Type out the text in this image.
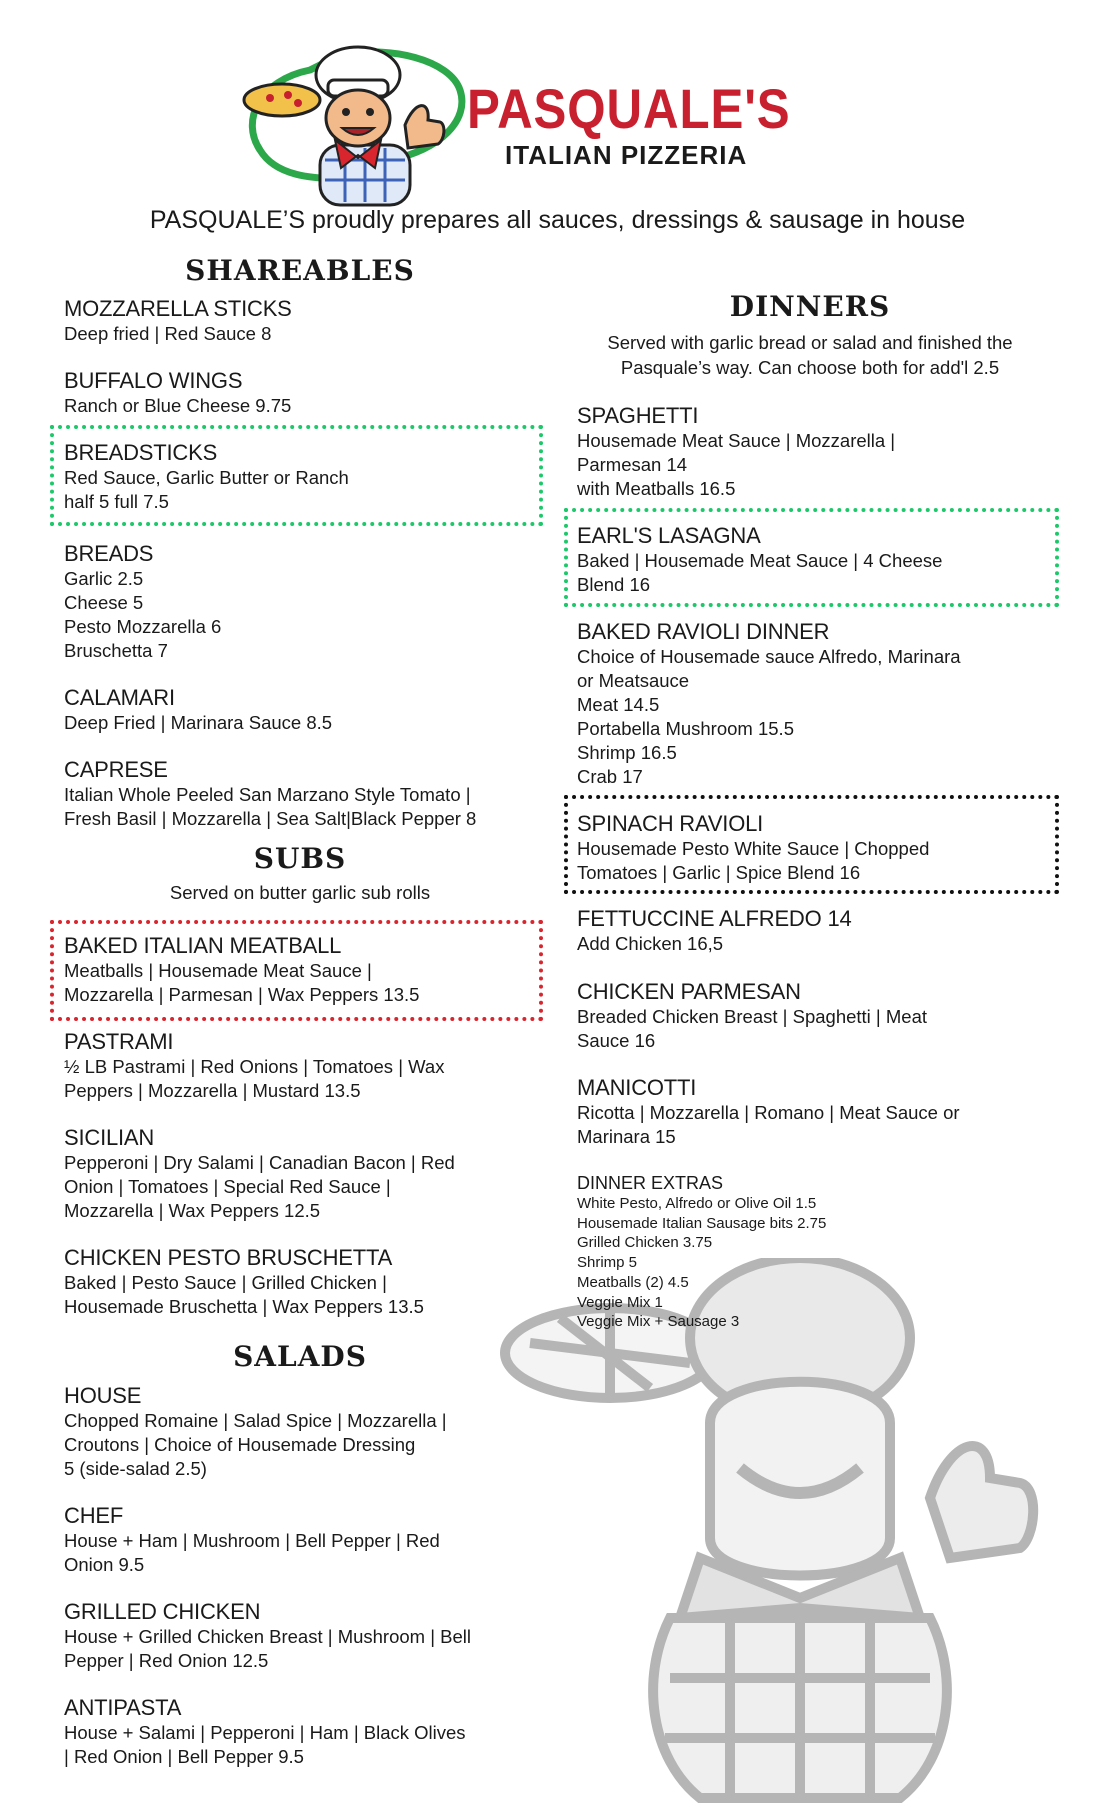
PASQUALE'S
ITALIAN PIZZERIA
PASQUALE’S proudly prepares all sauces, dressings & sausage in house
SHAREABLES
MOZZARELLA STICKS
Deep fried | Red Sauce 8
BUFFALO WINGS
Ranch or Blue Cheese 9.75
BREADSTICKS
Red Sauce, Garlic Butter or Ranch
half 5 full 7.5
BREADS
Garlic 2.5
Cheese 5
Pesto Mozzarella 6
Bruschetta 7
CALAMARI
Deep Fried | Marinara Sauce 8.5
CAPRESE
Italian Whole Peeled San Marzano Style Tomato |
Fresh Basil | Mozzarella | Sea Salt|Black Pepper 8
SUBS
Served on butter garlic sub rolls
BAKED ITALIAN MEATBALL
Meatballs | Housemade Meat Sauce |
Mozzarella | Parmesan | Wax Peppers 13.5
PASTRAMI
½ LB Pastrami | Red Onions | Tomatoes | Wax
Peppers | Mozzarella | Mustard 13.5
SICILIAN
Pepperoni | Dry Salami | Canadian Bacon | Red
Onion | Tomatoes | Special Red Sauce |
Mozzarella | Wax Peppers 12.5
CHICKEN PESTO BRUSCHETTA
Baked | Pesto Sauce | Grilled Chicken |
Housemade Bruschetta | Wax Peppers 13.5
SALADS
HOUSE
Chopped Romaine | Salad Spice | Mozzarella |
Croutons | Choice of Housemade Dressing
5 (side-salad 2.5)
CHEF
House + Ham | Mushroom | Bell Pepper | Red
Onion 9.5
GRILLED CHICKEN
House + Grilled Chicken Breast | Mushroom | Bell
Pepper | Red Onion 12.5
ANTIPASTA
House + Salami | Pepperoni | Ham | Black Olives
| Red Onion | Bell Pepper 9.5
DINNERS
Served with garlic bread or salad and finished the
Pasquale’s way. Can choose both for add'l 2.5
SPAGHETTI
Housemade Meat Sauce | Mozzarella |
Parmesan 14
with Meatballs 16.5
EARL'S LASAGNA
Baked | Housemade Meat Sauce | 4 Cheese
Blend 16
BAKED RAVIOLI DINNER
Choice of Housemade sauce Alfredo, Marinara
or Meatsauce
Meat 14.5
Portabella Mushroom 15.5
Shrimp 16.5
Crab 17
SPINACH RAVIOLI
Housemade Pesto White Sauce | Chopped
Tomatoes | Garlic | Spice Blend 16
FETTUCCINE ALFREDO 14
Add Chicken 16,5
CHICKEN PARMESAN
Breaded Chicken Breast | Spaghetti | Meat
Sauce 16
MANICOTTI
Ricotta | Mozzarella | Romano | Meat Sauce or
Marinara 15
DINNER EXTRAS
White Pesto, Alfredo or Olive Oil 1.5
Housemade Italian Sausage bits 2.75
Grilled Chicken 3.75
Shrimp 5
Meatballs (2) 4.5
Veggie Mix 1
Veggie Mix + Sausage 3
